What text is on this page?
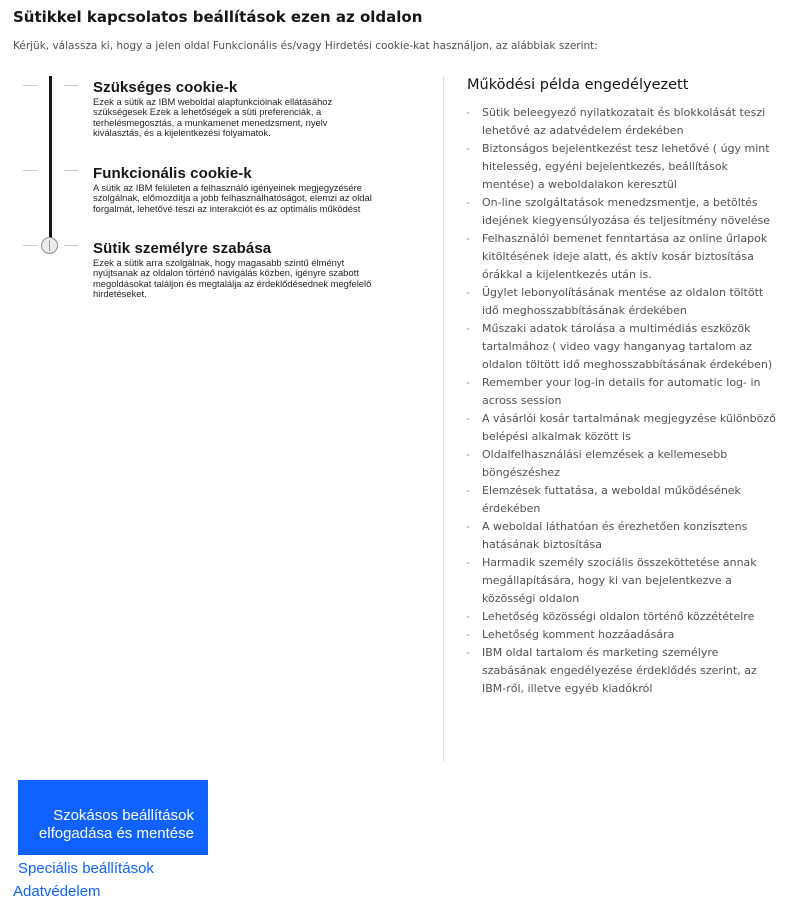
Sütikkel kapcsolatos beállítások ezen az oldalon

Kérjük, válassza ki, hogy a jelen oldal Funkcionális és/vagy Hirdetési cookie-kat használjon, az alábbiak szerint:

Szükséges cookie-k

Ezek a sütik az IBM weboldal alapfunkcióinak ellátásához szükségesek Ezek a lehetőségek a süti preferenciák, a terhelésmegosztás, a munkamenet menedzsment, nyelv kiválasztás, és a kijelentkezési folyamatok.

Funkcionális cookie-k

A sütik az IBM felületen a felhasználó igényeinek megjegyzésére szolgálnak, előmozdítja a jobb felhasználhatóságot, elemzi az oldal forgalmát, lehetővé teszi az interakciót és az optimális működést

Sütik személyre szabása

Ezek a sütik arra szolgálnak, hogy magasabb szintű élményt nyújtsanak az oldalon történő navigálás közben, igényre szabott megoldásokat találjon és megtalálja az érdeklődésednek megfelelő hirdetéseket.

Működési példa engedélyezett
- Sütik beleegyező nyilatkozatait és blokkolását teszi lehetővé az adatvédelem érdekében
- Biztonságos bejelentkezést tesz lehetővé ( úgy mint hitelesség, egyéni bejelentkezés, beállítások mentése) a weboldalakon keresztül
- On-line szolgáltatások menedzsmentje, a betöltés idejének kiegyensúlyozása és teljesítmény növelése
- Felhasználói bemenet fenntartása az online űrlapok kitöltésének ideje alatt, és aktív kosár biztosítása órákkal a kijelentkezés után is.
- Ügylet lebonyolításának mentése az oldalon töltött idő meghosszabbításának érdekében
- Műszaki adatok tárolása a multimédiás eszközök tartalmához ( video vagy hanganyag tartalom az oldalon töltött idő meghosszabbításának érdekében)
- Remember your log-in details for automatic log- in across session
- A vásárlói kosár tartalmának megjegyzése különböző belépési alkalmak között is
- Oldalfelhasználási elemzések a kellemesebb böngészéshez
- Elemzések futtatása, a weboldal működésének érdekében
- A weboldal láthatóan és érezhetően konzisztens hatásának biztosítása
- Harmadik személy szociális összeköttetése annak megállapítására, hogy ki van bejelentkezve a közösségi oldalon
- Lehetőség közösségi oldalon történő közzétételre
- Lehetőség komment hozzáadására
- IBM oldal tartalom és marketing személyre szabásának engedélyezése érdeklődés szerint, az IBM-ről, illetve egyéb kiadókról
Szokásos beállítások elfogadása és mentése
Speciális beállítások
Adatvédelem
